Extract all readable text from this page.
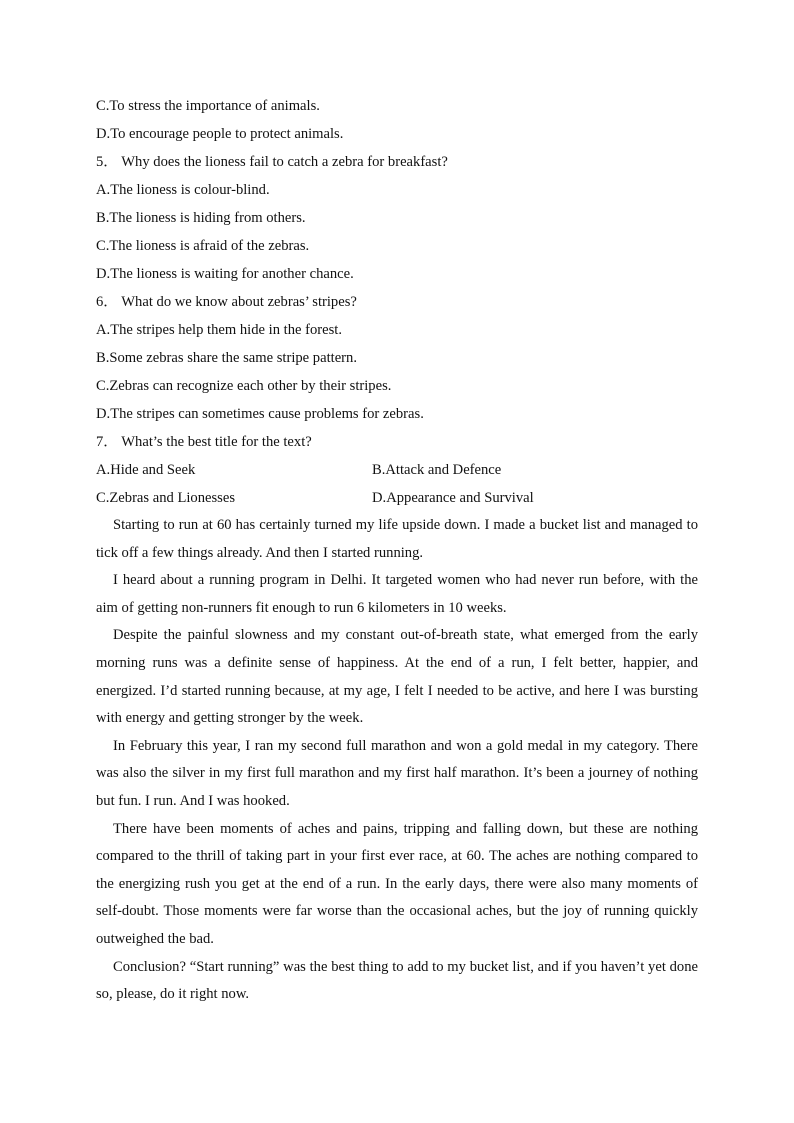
C.To stress the importance of animals.
D.To encourage people to protect animals.
5． Why does the lioness fail to catch a zebra for breakfast?
A.The lioness is colour-blind.
B.The lioness is hiding from others.
C.The lioness is afraid of the zebras.
D.The lioness is waiting for another chance.
6． What do we know about zebras’ stripes?
A.The stripes help them hide in the forest.
B.Some zebras share the same stripe pattern.
C.Zebras can recognize each other by their stripes.
D.The stripes can sometimes cause problems for zebras.
7． What’s the best title for the text?
A.Hide and Seek	B.Attack and Defence
C.Zebras and Lionesses	D.Appearance and Survival

Starting to run at 60 has certainly turned my life upside down. I made a bucket list and managed to tick off a few things already. And then I started running.

I heard about a running program in Delhi. It targeted women who had never run before, with the aim of getting non-runners fit enough to run 6 kilometers in 10 weeks.

Despite the painful slowness and my constant out-of-breath state, what emerged from the early morning runs was a definite sense of happiness. At the end of a run, I felt better, happier, and energized. I’d started running because, at my age, I felt I needed to be active, and here I was bursting with energy and getting stronger by the week.

In February this year, I ran my second full marathon and won a gold medal in my category. There was also the silver in my first full marathon and my first half marathon. It’s been a journey of nothing but fun. I run. And I was hooked.

There have been moments of aches and pains, tripping and falling down, but these are nothing compared to the thrill of taking part in your first ever race, at 60. The aches are nothing compared to the energizing rush you get at the end of a run. In the early days, there were also many moments of self-doubt. Those moments were far worse than the occasional aches, but the joy of running quickly outweighed the bad.

Conclusion? “Start running” was the best thing to add to my bucket list, and if you haven’t yet done so, please, do it right now.
